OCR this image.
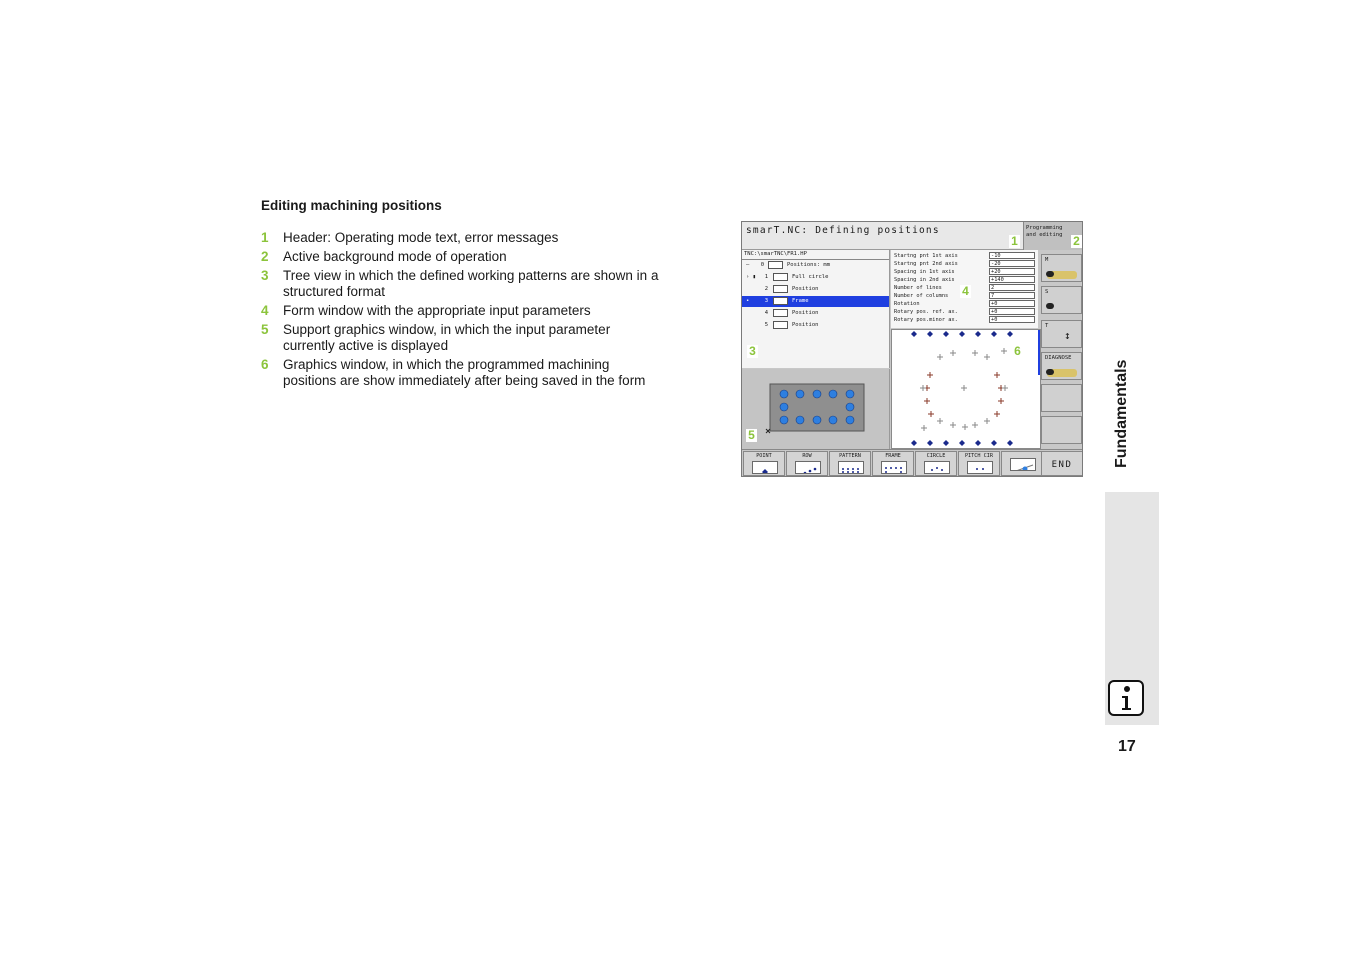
Editing machining positions
1	Header: Operating mode text, error messages
2	Active background mode of operation
3	Tree view in which the defined working patterns are shown in a structured format
4	Form window with the appropriate input parameters
5	Support graphics window, in which the input parameter currently active is displayed
6	Graphics window, in which the programmed machining positions are show immediately after being saved in the form
smarT.NC: Defining positions	Programming
and editing
TNC:\smarTNC\FR1.HP
–	0	Positions: mm
› ▮	1	Full circle
2	Position
•	3	Frame
4	Position
5	Position
Startng pnt 1st axis	-10
Startng pnt 2nd axis	-20
Spacing in 1st axis	+20
Spacing in 2nd axis	+140
Number of lines	2
Number of columns	7
Rotation	+0
Rotary pos. ref. ax.	+0
Rotary pos.minor ax.	+0
M
S
T
↕
DIAGNOSE
POINT	ROW	PATTERN	FRAME	CIRCLE	PITCH CIR
END
1	2
3
4
5
6
Fundamentals
17
